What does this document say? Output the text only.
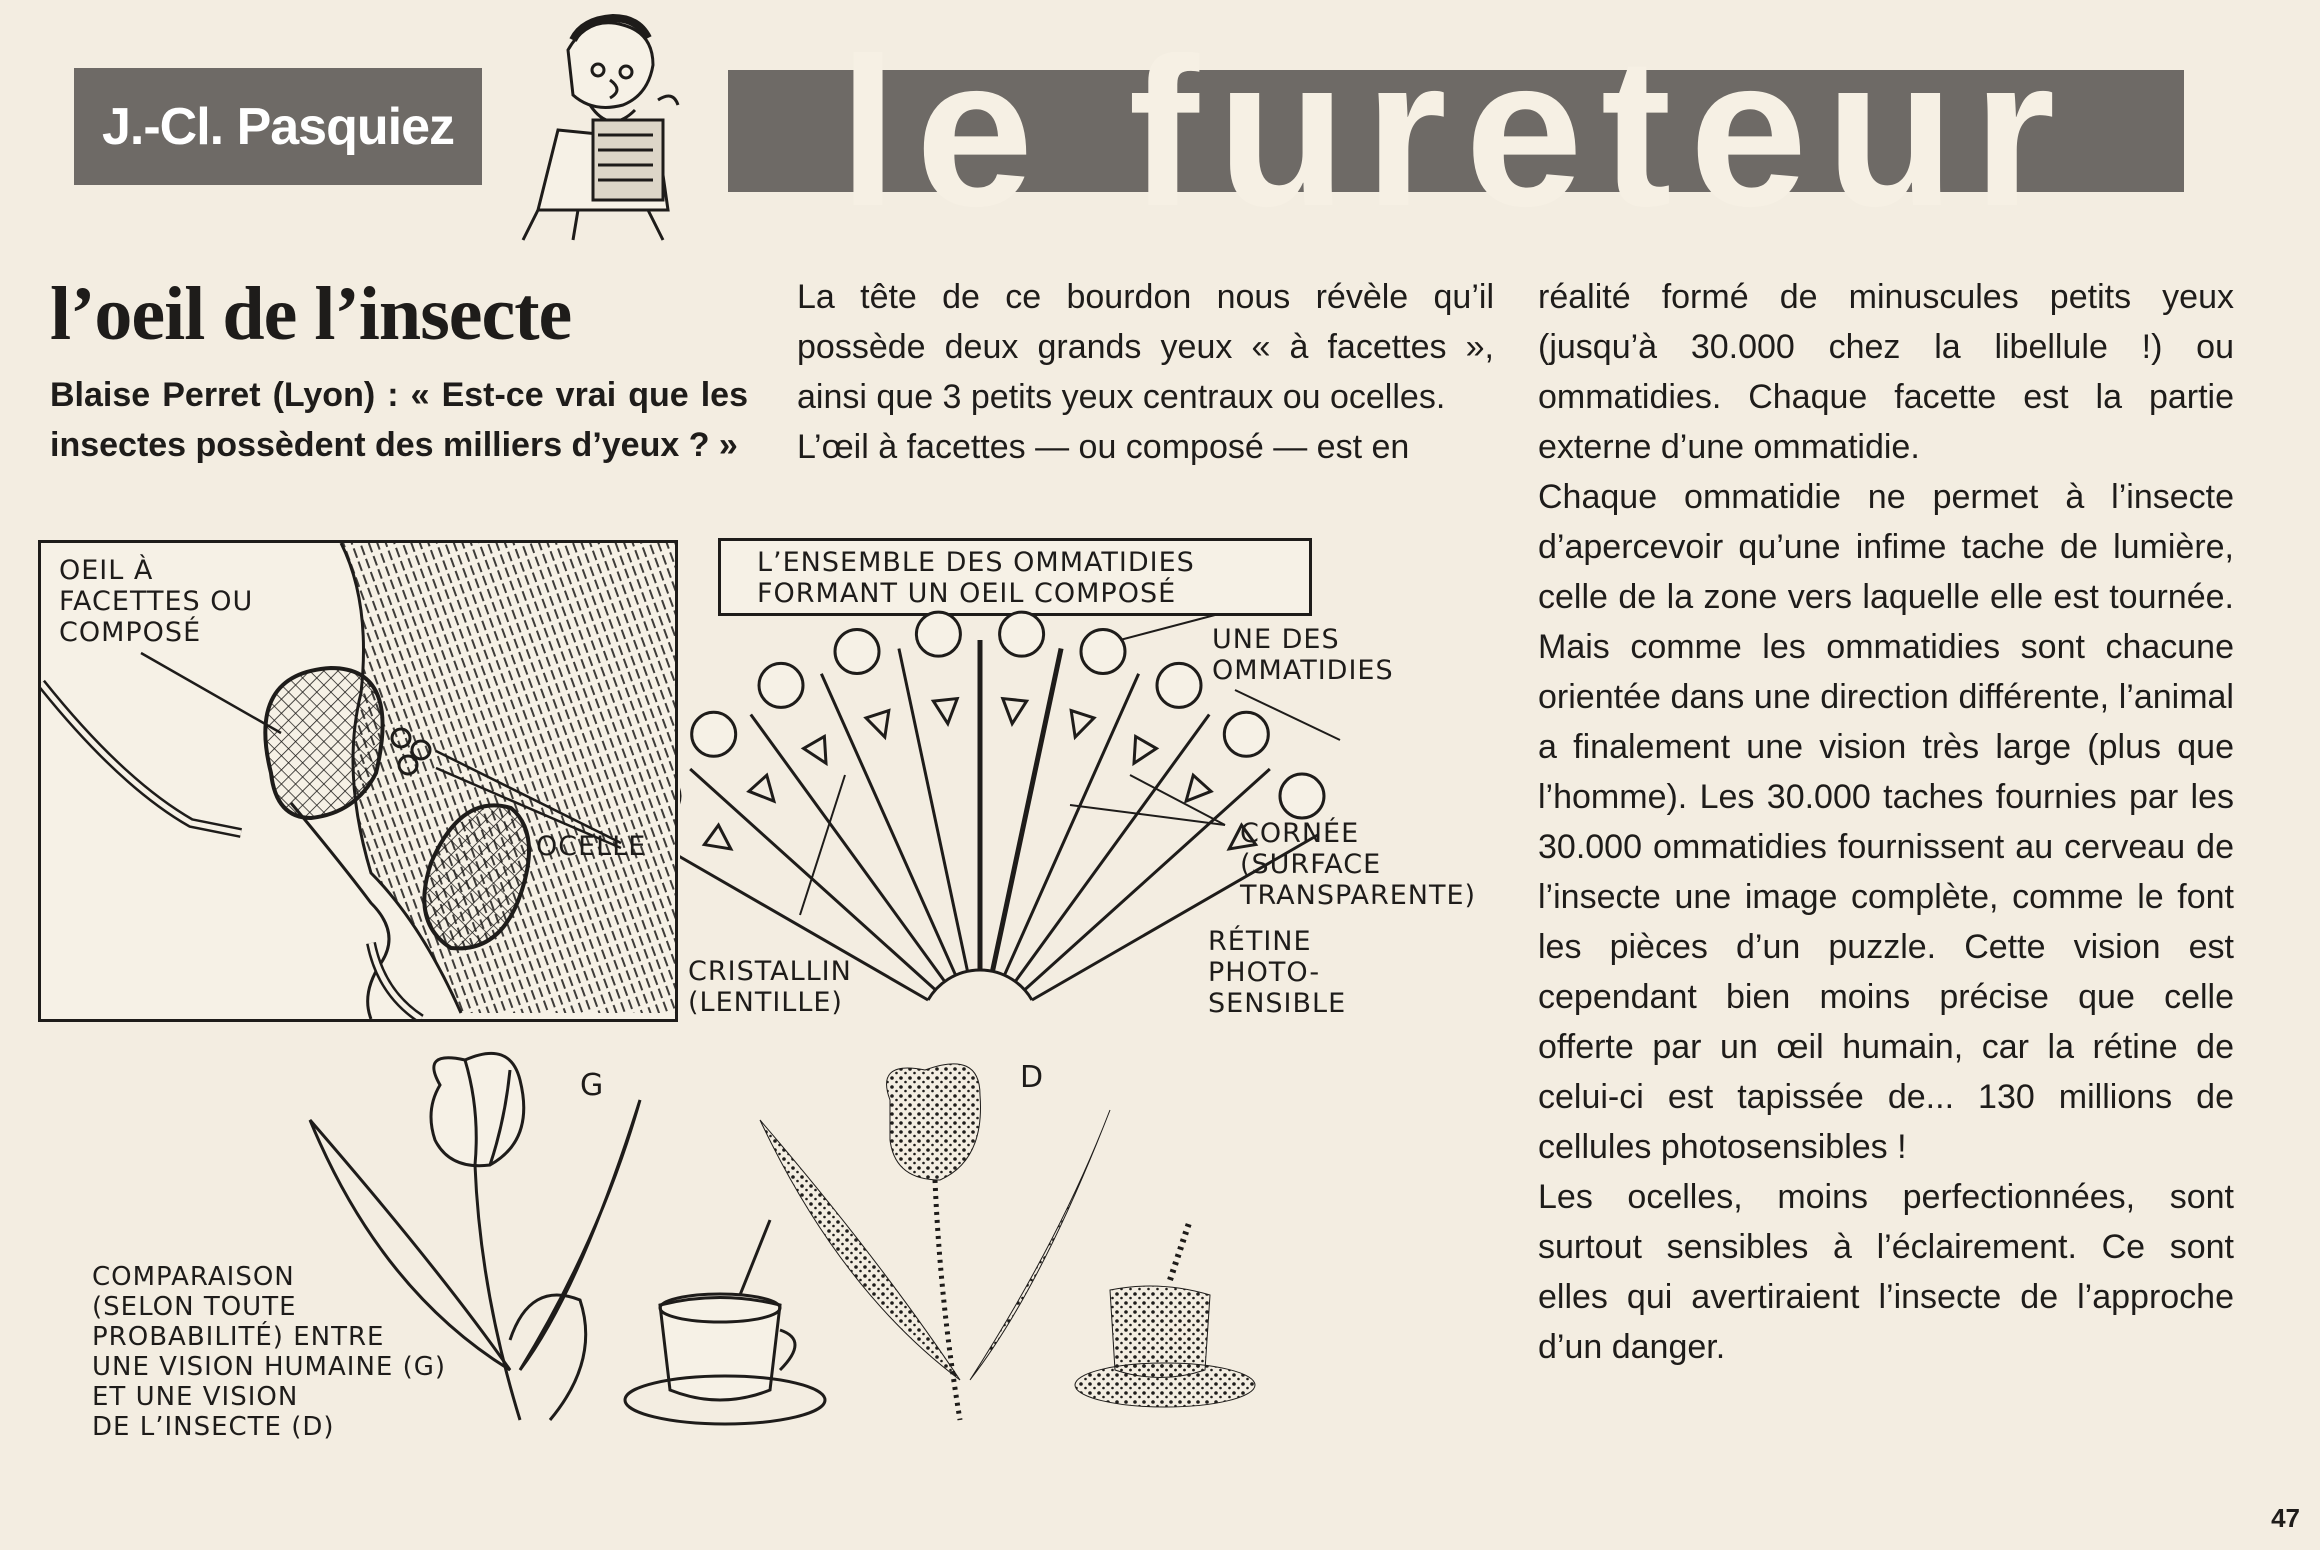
J.-Cl. Pasquiez	le fureteur
l’oeil de l’insecte
Blaise Perret (Lyon) : « Est-ce vrai que les insectes possèdent des milliers d’yeux ? »

La tête de ce bourdon nous révèle qu’il possède deux grands yeux « à facettes », ainsi que 3 petits yeux centraux ou ocelles.

L’œil à facettes — ou composé — est en

réalité formé de minuscules petits yeux (jusqu’à 30.000 chez la libellule !) ou ommatidies. Chaque facette est la partie externe d’une ommatidie.

Chaque ommatidie ne permet à l’insecte d’apercevoir qu’une infime tache de lumière, celle de la zone vers laquelle elle est tournée. Mais comme les ommatidies sont chacune orientée dans une direction différente, l’animal a finalement une vision très large (plus que l’homme). Les 30.000 taches fournies par les 30.000 ommatidies fournissent au cerveau de l’insecte une image complète, comme le font les pièces d’un puzzle. Cette vision est cependant bien moins précise que celle offerte par un œil humain, car la rétine de celui-ci est tapissée de... 130 millions de cellules photosensibles !

Les ocelles, moins perfectionnées, sont surtout sensibles à l’éclairement. Ce sont elles qui avertiraient l’insecte de l’approche d’un danger.

OEIL À
FACETTES OU
COMPOSÉ
OCELLE
L’ENSEMBLE DES OMMATIDIES
FORMANT UN OEIL COMPOSÉ
UNE DES
OMMATIDIES
CORNÉE
(SURFACE
TRANSPARENTE)
RÉTINE
PHOTO-
SENSIBLE
CRISTALLIN
(LENTILLE)
G	D
COMPARAISON
(SELON TOUTE
PROBABILITÉ) ENTRE
UNE VISION HUMAINE (G)
ET UNE VISION
DE L’INSECTE (D)
47
